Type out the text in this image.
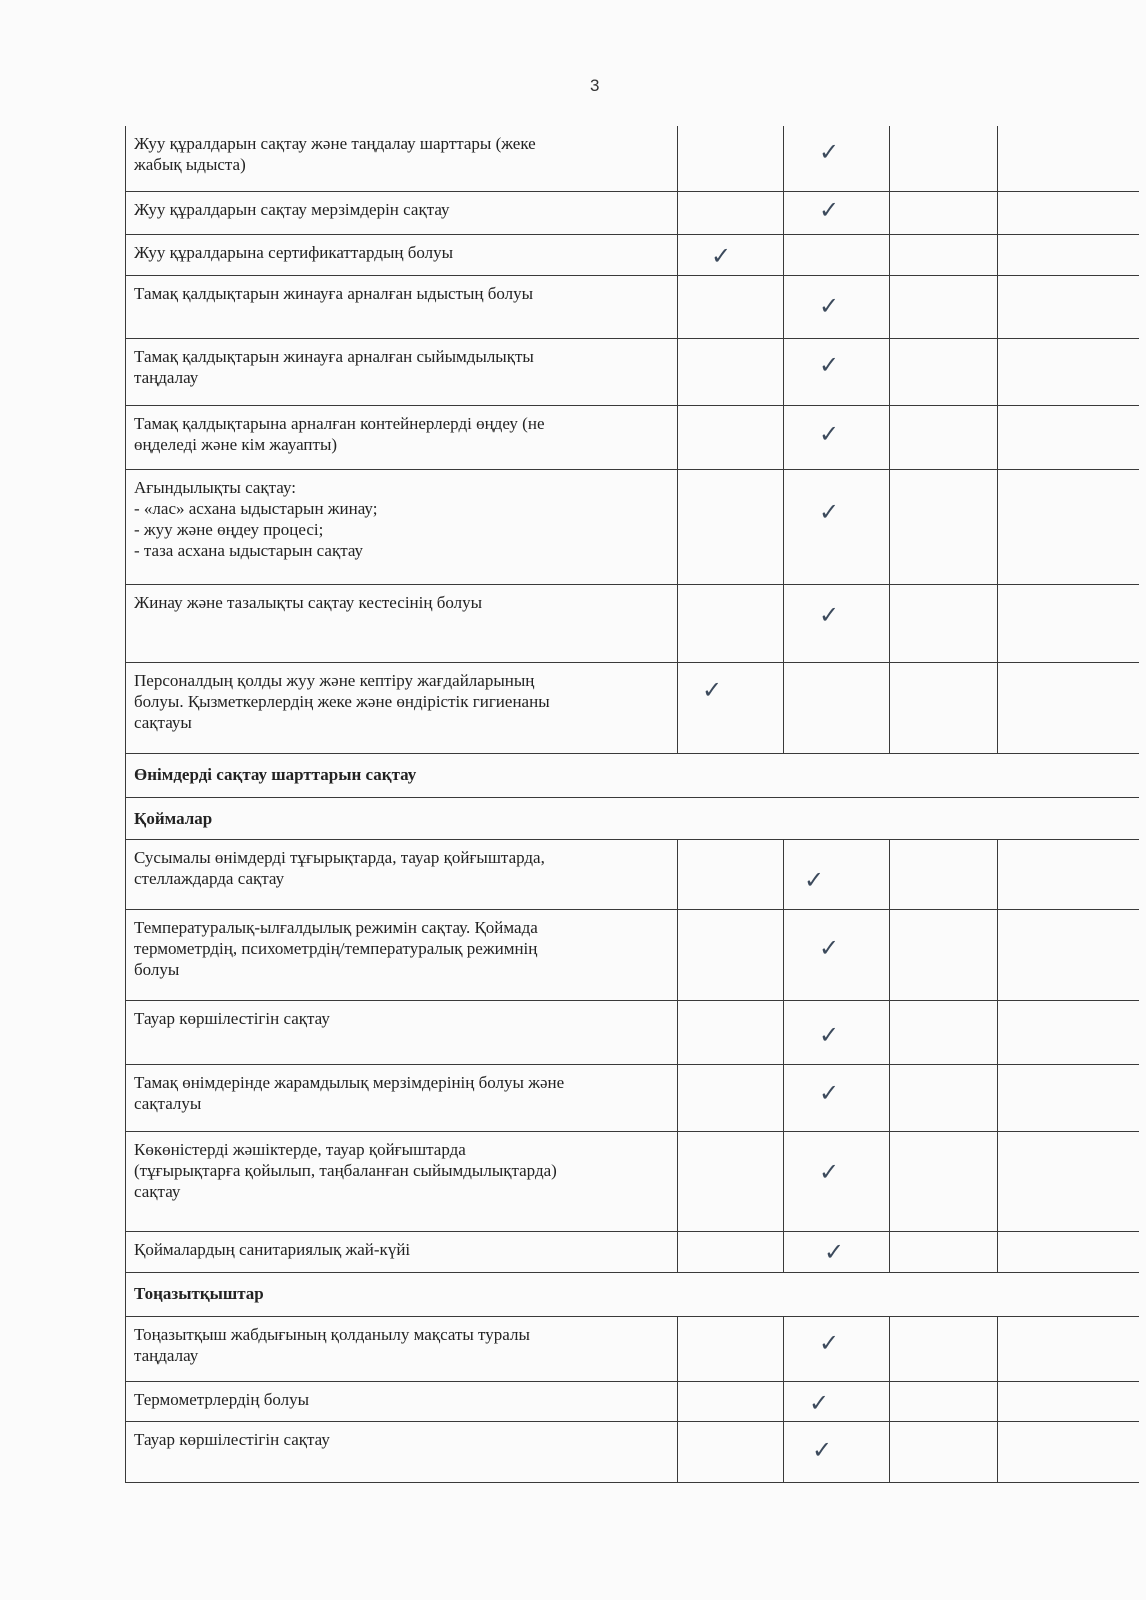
3
Жуу құралдарын сақтау және таңдалау шарттары (жеке
жабық ыдыста)		✓		

Жуу құралдарын сақтау мерзімдерін сақтау		✓		

Жуу құралдарына сертификаттардың болуы	✓			

Тамақ қалдықтарын жинауға арналған ыдыстың болуы		✓		

Тамақ қалдықтарын жинауға арналған сыйымдылықты
таңдалау		✓		

Тамақ қалдықтарына арналған контейнерлерді өңдеу (не
өңделеді және кім жауапты)		✓		

Ағындылықты сақтау:
- «лас» асхана ыдыстарын жинау;
- жуу және өңдеу процесі;
- таза асхана ыдыстарын сақтау		✓		

Жинау және тазалықты сақтау кестесінің болуы		✓		

Персоналдың қолды жуу және кептіру жағдайларының
болуы. Қызметкерлердің жеке және өндірістік гигиенаны
сақтауы	✓			

Өнімдерді сақтау шарттарын сақтау				
Қоймалар				

Сусымалы өнімдерді тұғырықтарда, тауар қойғыштарда,
стеллаждарда сақтау		✓		

Температуралық-ылғалдылық режимін сақтау. Қоймада
термометрдің, психометрдің/температуралық режимнің
болуы		✓		

Тауар көршілестігін сақтау		✓		

Тамақ өнімдерінде жарамдылық мерзімдерінің болуы және
сақталуы		✓		

Көкөністерді жәшіктерде, тауар қойғыштарда
(тұғырықтарға қойылып, таңбаланған сыйымдылықтарда)
сақтау		✓		

Қоймалардың санитариялық жай-күйі		✓		

Тоңазытқыштар				

Тоңазытқыш жабдығының қолданылу мақсаты туралы
таңдалау		✓		

Термометрлердің болуы		✓		

Тауар көршілестігін сақтау		✓		
